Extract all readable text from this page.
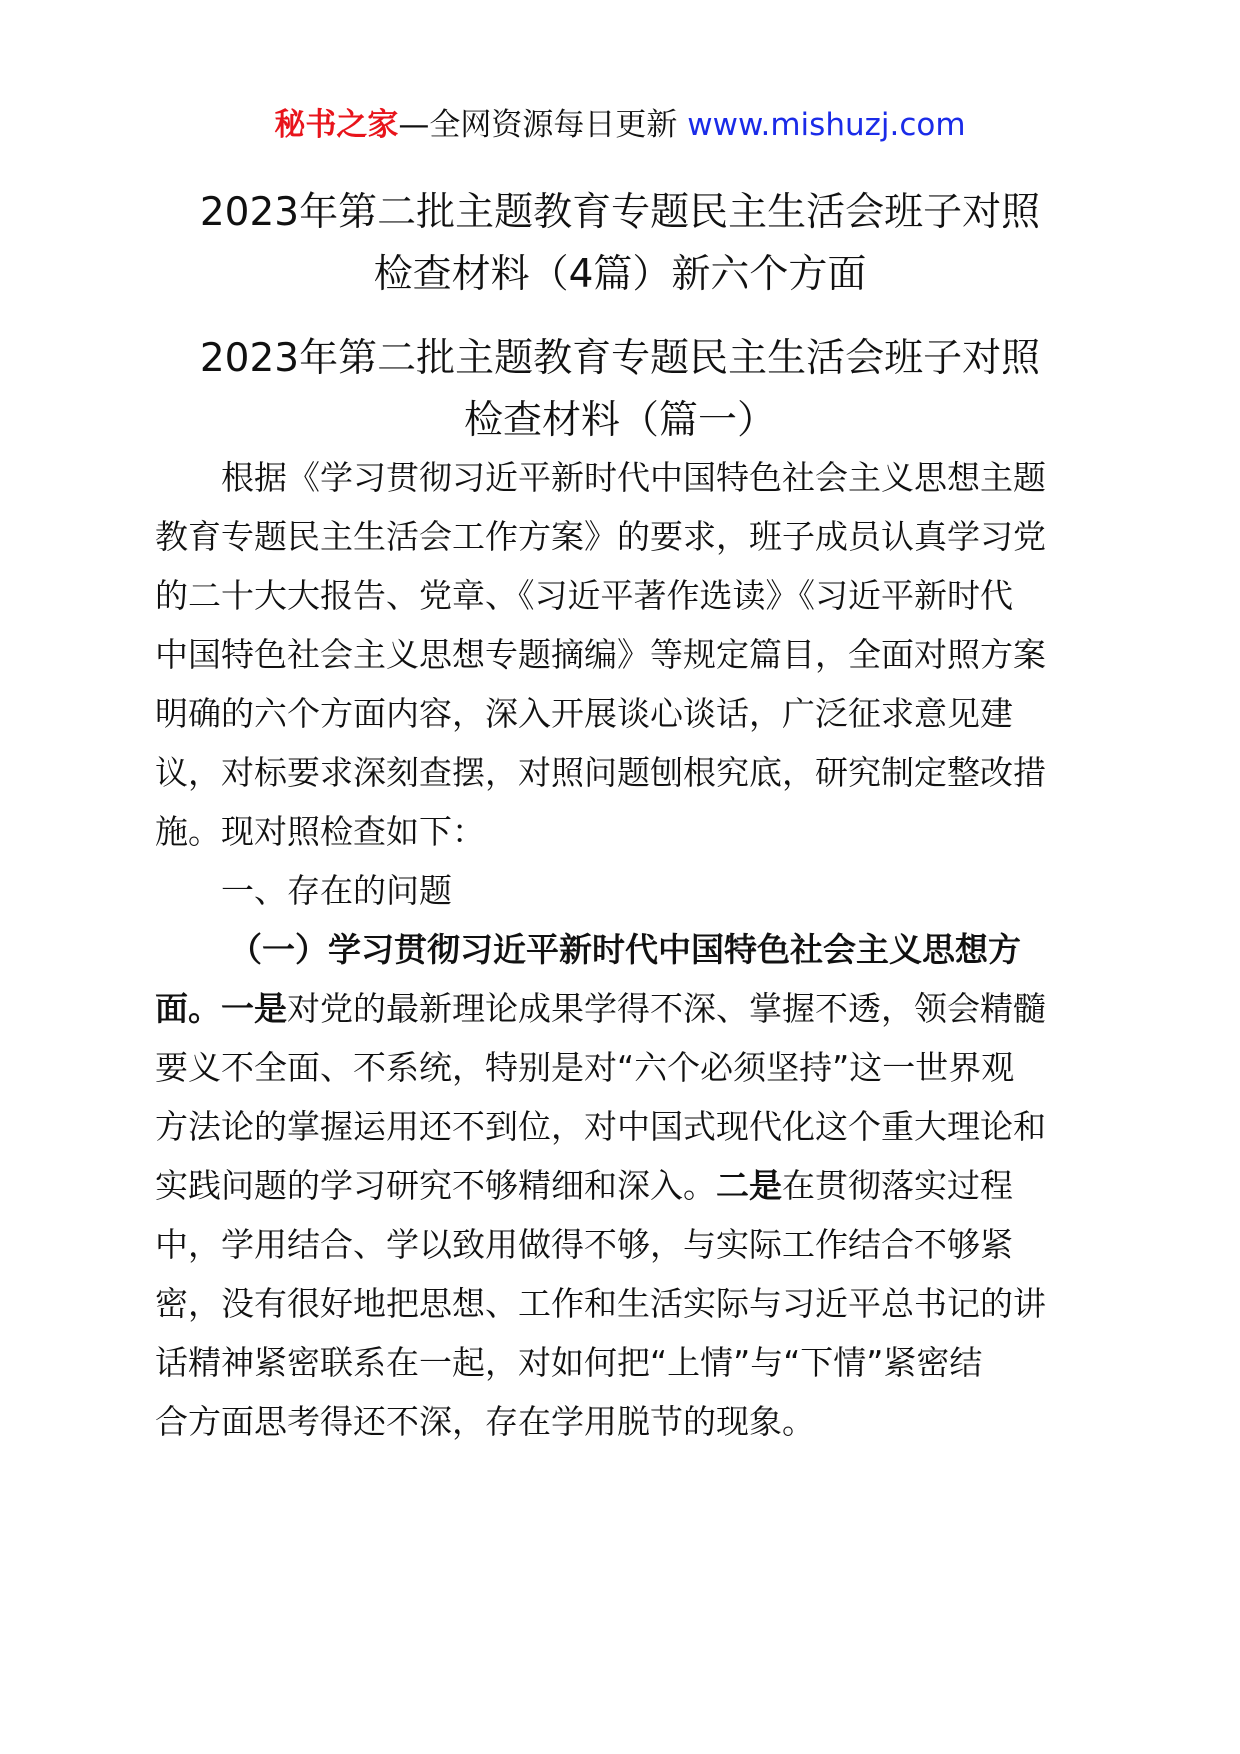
秘书之家—全网资源每日更新 www.mishuzj.com
2023年第二批主题教育专题民主生活会班子对照
检查材料（4篇）新六个方面
2023年第二批主题教育专题民主生活会班子对照
检查材料（篇一）
根据《学习贯彻习近平新时代中国特色社会主义思想主题
教育专题民主生活会工作方案》的要求，班子成员认真学习党
的二十大大报告、党章、《习近平著作选读》《习近平新时代
中国特色社会主义思想专题摘编》等规定篇目，全面对照方案
明确的六个方面内容，深入开展谈心谈话，广泛征求意见建
议，对标要求深刻查摆，对照问题刨根究底，研究制定整改措
施。现对照检查如下：
一、存在的问题
（一）学习贯彻习近平新时代中国特色社会主义思想方
面。一是对党的最新理论成果学得不深、掌握不透，领会精髓
要义不全面、不系统，特别是对“六个必须坚持”这一世界观
方法论的掌握运用还不到位，对中国式现代化这个重大理论和
实践问题的学习研究不够精细和深入。二是在贯彻落实过程
中，学用结合、学以致用做得不够，与实际工作结合不够紧
密，没有很好地把思想、工作和生活实际与习近平总书记的讲
话精神紧密联系在一起，对如何把“上情”与“下情”紧密结
合方面思考得还不深，存在学用脱节的现象。
